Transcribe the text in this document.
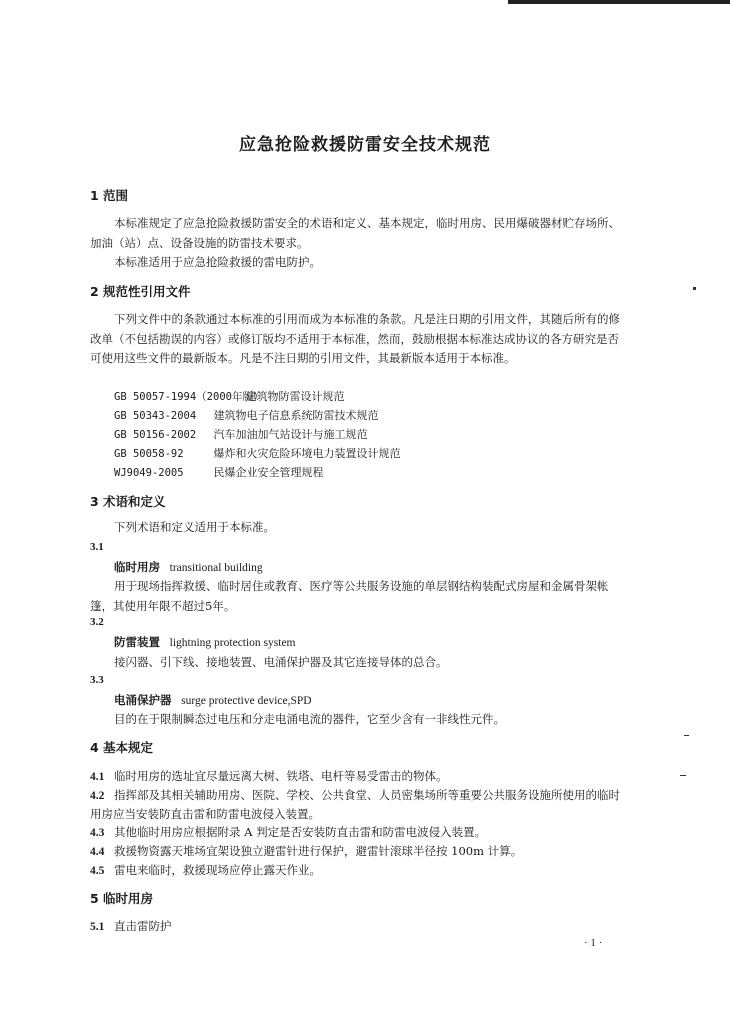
应急抢险救援防雷安全技术规范
1 范围
本标准规定了应急抢险救援防雷安全的术语和定义、基本规定，临时用房、民用爆破器材贮存场所、加油（站）点、设备设施的防雷技术要求。
本标准适用于应急抢险救援的雷电防护。
2 规范性引用文件
下列文件中的条款通过本标准的引用而成为本标准的条款。凡是注日期的引用文件，其随后所有的修改单（不包括勘误的内容）或修订版均不适用于本标准，然而，鼓励根据本标准达成协议的各方研究是否可使用这些文件的最新版本。凡是不注日期的引用文件，其最新版本适用于本标准。
GB 50057-1994（2000年版） 建筑物防雷设计规范
GB 50343-2004 建筑物电子信息系统防雷技术规范
GB 50156-2002 汽车加油加气站设计与施工规范
GB 50058-92	爆炸和火灾危险环境电力装置设计规范
WJ9049-2005	民爆企业安全管理规程
3 术语和定义
下列术语和定义适用于本标准。
3.1
临时用房 transitional building
用于现场指挥救援、临时居住或教育、医疗等公共服务设施的单层钢结构装配式房屋和金属骨架帐篷，其使用年限不超过5年。
3.2
防雷装置 lightning protection system
接闪器、引下线、接地装置、电涌保护器及其它连接导体的总合。
3.3
电涌保护器 surge protective device,SPD
目的在于限制瞬态过电压和分走电涌电流的器件，它至少含有一非线性元件。
4 基本规定
4.1 临时用房的选址宜尽量远离大树、铁塔、电杆等易受雷击的物体。
4.2 指挥部及其相关辅助用房、医院、学校、公共食堂、人员密集场所等重要公共服务设施所使用的临时用房应当安装防直击雷和防雷电波侵入装置。
4.3 其他临时用房应根据附录 A 判定是否安装防直击雷和防雷电波侵入装置。
4.4 救援物资露天堆场宜架设独立避雷针进行保护，避雷针滚球半径按 100m 计算。
4.5 雷电来临时，救援现场应停止露天作业。
5 临时用房
5.1 直击雷防护
· 1 ·
